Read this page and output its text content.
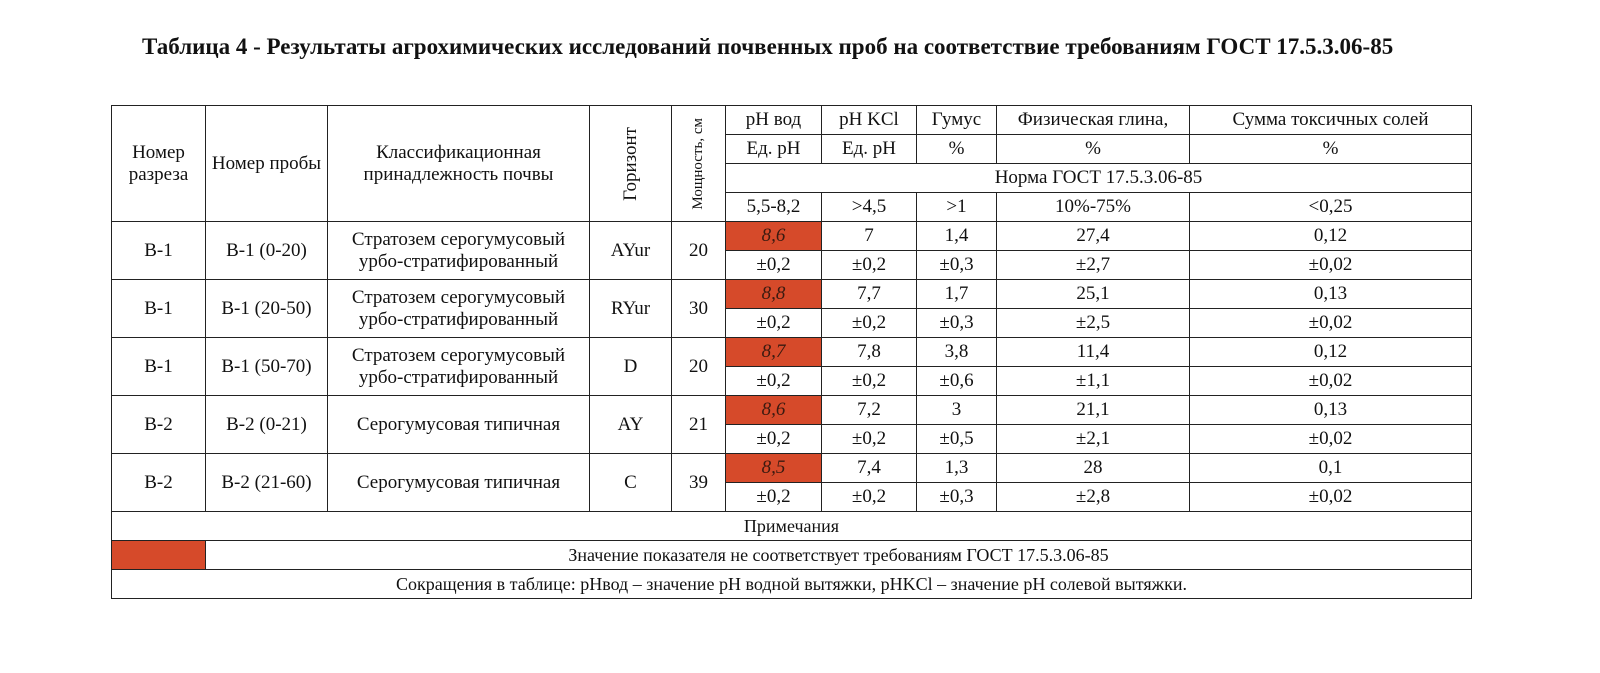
Таблица 4 - Результаты агрохимических исследований почвенных проб на соответствие требованиям ГОСТ 17.5.3.06-85
Номер разреза	Номер пробы	Классификационная принадлежность почвы	Горизонт	Мощность, см	pH вод	pH KCl	Гумус	Физическая глина,	Сумма токсичных солей
					Ед. pH	Ед. pH	%	%	%
					Норма ГОСТ 17.5.3.06-85				
					5,5-8,2	>4,5	>1	10%-75%	<0,25
В-1	В-1 (0-20)	Стратозем серогумусовый урбо-стратифированный	AYur	20	8,6	7	1,4	27,4	0,12
					±0,2	±0,2	±0,3	±2,7	±0,02
В-1	В-1 (20-50)	Стратозем серогумусовый урбо-стратифированный	RYur	30	8,8	7,7	1,7	25,1	0,13
					±0,2	±0,2	±0,3	±2,5	±0,02
В-1	В-1 (50-70)	Стратозем серогумусовый урбо-стратифированный	D	20	8,7	7,8	3,8	11,4	0,12
					±0,2	±0,2	±0,6	±1,1	±0,02
В-2	В-2 (0-21)	Серогумусовая типичная	AY	21	8,6	7,2	3	21,1	0,13
					±0,2	±0,2	±0,5	±2,1	±0,02
В-2	В-2 (21-60)	Серогумусовая типичная	C	39	8,5	7,4	1,3	28	0,1
					±0,2	±0,2	±0,3	±2,8	±0,02
Примечания									
	Значение показателя не соответствует требованиям ГОСТ 17.5.3.06-85								
Сокращения в таблице: pHвод – значение pH водной вытяжки, pHKCl – значение pH солевой вытяжки.									
